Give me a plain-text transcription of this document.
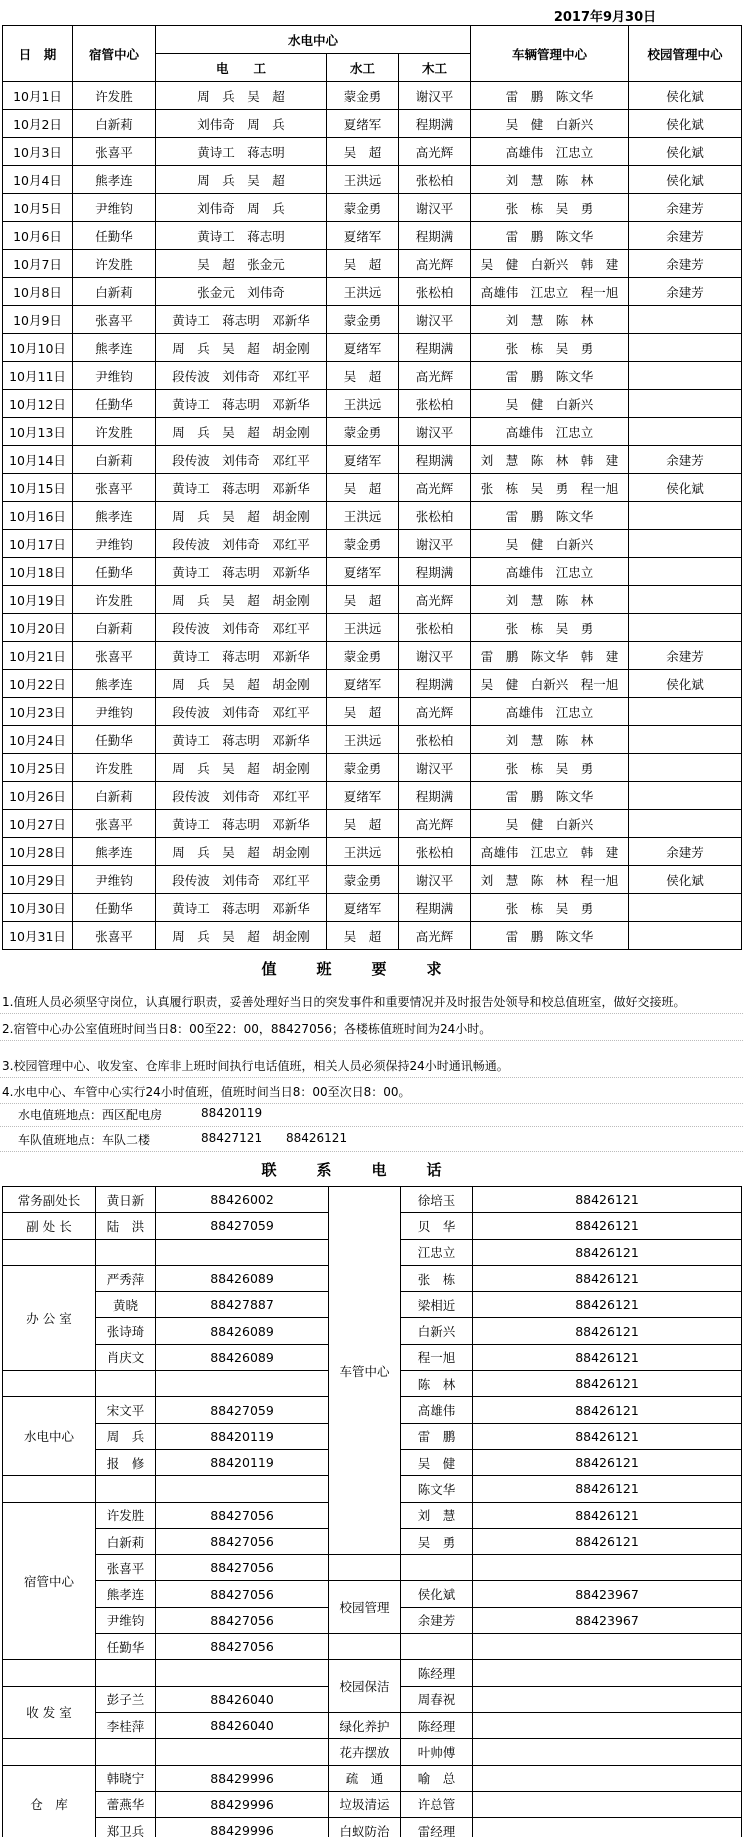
2017年9月30日
日　期	宿管中心	水电中心			车辆管理中心	校园管理中心
		电　　工	水工	木工		
10月1日	许发胜	周　兵　吴　超	蒙金勇	谢汉平	雷　鹏　陈文华	侯化斌
10月2日	白新莉	刘伟奇　周　兵	夏绪军	程期满	吴　健　白新兴	侯化斌
10月3日	张喜平	黄诗工　蒋志明	吴　超	高光辉	高雄伟　江忠立	侯化斌
10月4日	熊孝连	周　兵　吴　超	王洪远	张松柏	刘　慧　陈　林	侯化斌
10月5日	尹维钧	刘伟奇　周　兵	蒙金勇	谢汉平	张　栋　吴　勇	余建芳
10月6日	任勤华	黄诗工　蒋志明	夏绪军	程期满	雷　鹏　陈文华	余建芳
10月7日	许发胜	吴　超　张金元	吴　超	高光辉	吴　健　白新兴　韩　建	余建芳
10月8日	白新莉	张金元　刘伟奇	王洪远	张松柏	高雄伟　江忠立　程一旭	余建芳
10月9日	张喜平	黄诗工　蒋志明　邓新华	蒙金勇	谢汉平	刘　慧　陈　林	
10月10日	熊孝连	周　兵　吴　超　胡金刚	夏绪军	程期满	张　栋　吴　勇	
10月11日	尹维钧	段传波　刘伟奇　邓红平	吴　超	高光辉	雷　鹏　陈文华	
10月12日	任勤华	黄诗工　蒋志明　邓新华	王洪远	张松柏	吴　健　白新兴	
10月13日	许发胜	周　兵　吴　超　胡金刚	蒙金勇	谢汉平	高雄伟　江忠立	
10月14日	白新莉	段传波　刘伟奇　邓红平	夏绪军	程期满	刘　慧　陈　林　韩　建	余建芳
10月15日	张喜平	黄诗工　蒋志明　邓新华	吴　超	高光辉	张　栋　吴　勇　程一旭	侯化斌
10月16日	熊孝连	周　兵　吴　超　胡金刚	王洪远	张松柏	雷　鹏　陈文华	
10月17日	尹维钧	段传波　刘伟奇　邓红平	蒙金勇	谢汉平	吴　健　白新兴	
10月18日	任勤华	黄诗工　蒋志明　邓新华	夏绪军	程期满	高雄伟　江忠立	
10月19日	许发胜	周　兵　吴　超　胡金刚	吴　超	高光辉	刘　慧　陈　林	
10月20日	白新莉	段传波　刘伟奇　邓红平	王洪远	张松柏	张　栋　吴　勇	
10月21日	张喜平	黄诗工　蒋志明　邓新华	蒙金勇	谢汉平	雷　鹏　陈文华　韩　建	余建芳
10月22日	熊孝连	周　兵　吴　超　胡金刚	夏绪军	程期满	吴　健　白新兴　程一旭	侯化斌
10月23日	尹维钧	段传波　刘伟奇　邓红平	吴　超	高光辉	高雄伟　江忠立	
10月24日	任勤华	黄诗工　蒋志明　邓新华	王洪远	张松柏	刘　慧　陈　林	
10月25日	许发胜	周　兵　吴　超　胡金刚	蒙金勇	谢汉平	张　栋　吴　勇	
10月26日	白新莉	段传波　刘伟奇　邓红平	夏绪军	程期满	雷　鹏　陈文华	
10月27日	张喜平	黄诗工　蒋志明　邓新华	吴　超	高光辉	吴　健　白新兴	
10月28日	熊孝连	周　兵　吴　超　胡金刚	王洪远	张松柏	高雄伟　江忠立　韩　建	余建芳
10月29日	尹维钧	段传波　刘伟奇　邓红平	蒙金勇	谢汉平	刘　慧　陈　林　程一旭	侯化斌
10月30日	任勤华	黄诗工　蒋志明　邓新华	夏绪军	程期满	张　栋　吴　勇	
10月31日	张喜平	周　兵　吴　超　胡金刚	吴　超	高光辉	雷　鹏　陈文华	
值班要求
1.值班人员必须坚守岗位，认真履行职责，妥善处理好当日的突发事件和重要情况并及时报告处领导和校总值班室，做好交接班。
2.宿管中心办公室值班时间当日8：00至22：00，88427056；各楼栋值班时间为24小时。
3.校园管理中心、收发室、仓库非上班时间执行电话值班，相关人员必须保持24小时通讯畅通。
4.水电中心、车管中心实行24小时值班，值班时间当日8：00至次日8：00。
水电值班地点：西区配电房	88420119
车队值班地点：车队二楼	88427121 88426121
联系电话
常务副处长	黄日新	88426002	车管中心	徐培玉	88426121
副 处 长	陆　洪	88427059		贝　华	88426121
				江忠立	88426121
办 公 室	严秀萍	88426089		张　栋	88426121
	黄晓	88427887		梁相近	88426121
	张诗琦	88426089		白新兴	88426121
	肖庆文	88426089		程一旭	88426121
				陈　林	88426121
水电中心	宋文平	88427059		高雄伟	88426121
	周　兵	88420119		雷　鹏	88426121
	报　修	88420119		吴　健	88426121
				陈文华	88426121
宿管中心	许发胜	88427056		刘　慧	88426121
	白新莉	88427056		吴　勇	88426121
	张喜平	88427056			
	熊孝连	88427056	校园管理	侯化斌	88423967
	尹维钧	88427056		余建芳	88423967
	任勤华	88427056			
			校园保洁	陈经理	
收 发 室	彭子兰	88426040		周春祝	
	李桂萍	88426040	绿化养护	陈经理	
			花卉摆放	叶帅傅	
仓　库	韩晓宁	88429996	疏　通	喻　总	
	蕾燕华	88429996	垃圾清运	许总管	
	郑卫兵	88429996	白蚁防治	雷经理	
